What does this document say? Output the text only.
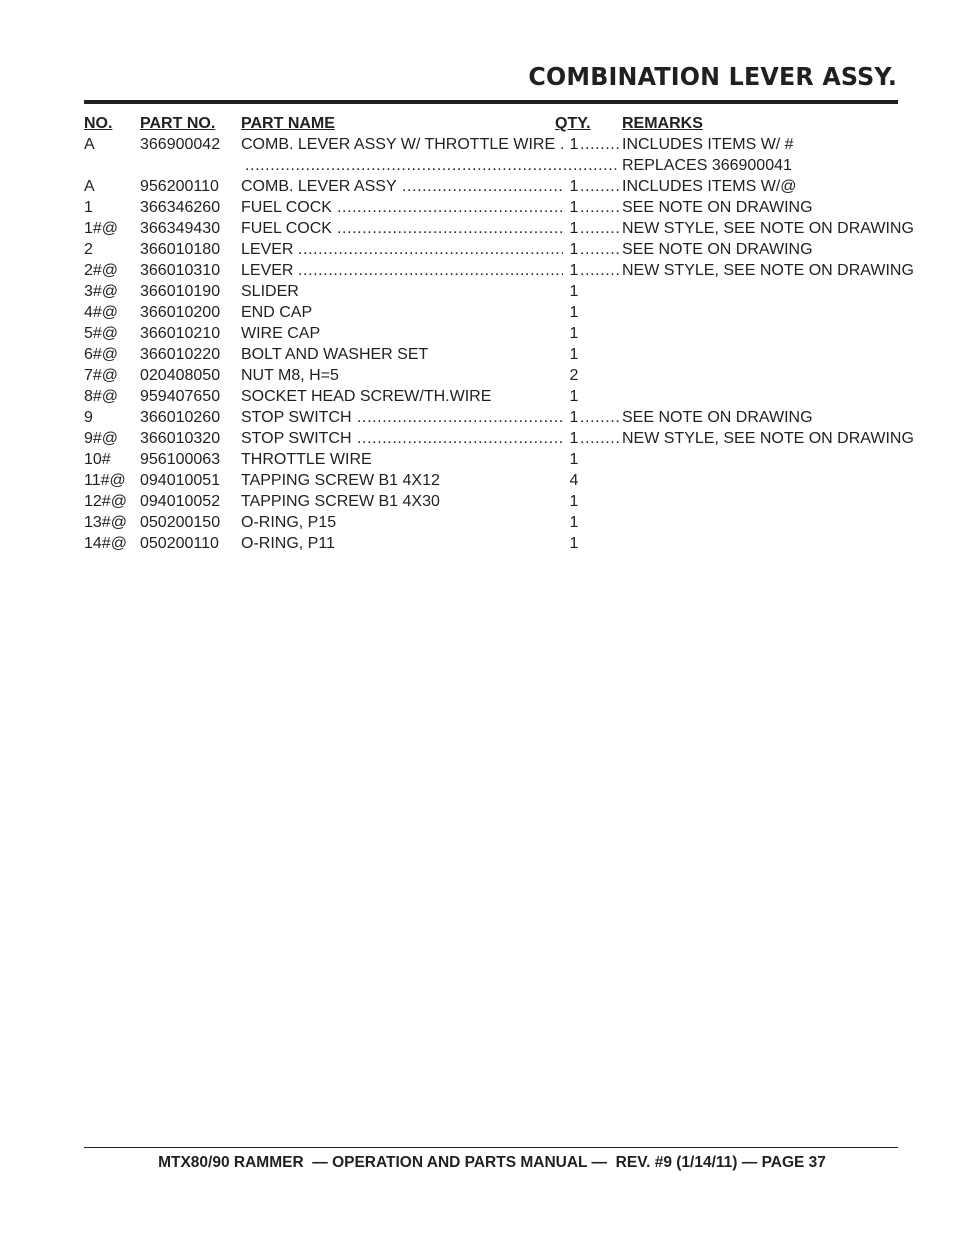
COMBINATION LEVER ASSY.
NO. PART NO. PART NAME	QTY. REMARKS
A	366900042 COMB. LEVER ASSY W/ THROTTLE WIRE 1	INCLUDES ITEMS W/ #
.....
.....
REPLACES 366900041
.....
A	956200110 COMB. LEVER ASSY	1	INCLUDES ITEMS W/@
.....
.....
1	366346260 FUEL COCK	1	SEE NOTE ON DRAWING
.....
.....
1#@ 366349430 FUEL COCK	1	NEW STYLE, SEE NOTE ON DRAWING
.....
.....
2	366010180 LEVER	1	SEE NOTE ON DRAWING
.....
.....
2#@ 366010310 LEVER	1	NEW STYLE, SEE NOTE ON DRAWING
.....
.....
3#@ 366010190 SLIDER	1
4#@ 366010200 END CAP	1
5#@ 366010210 WIRE CAP	1
6#@ 366010220 BOLT AND WASHER SET	1
7#@ 020408050 NUT M8, H=5	2
8#@ 959407650 SOCKET HEAD SCREW/TH.WIRE	1
9	366010260 STOP SWITCH	1	SEE NOTE ON DRAWING
.....
.....
9#@ 366010320 STOP SWITCH	1	NEW STYLE, SEE NOTE ON DRAWING
.....
.....
10# 956100063 THROTTLE WIRE	1
11#@ 094010051 TAPPING SCREW B1 4X12	4
12#@ 094010052 TAPPING SCREW B1 4X30	1
13#@ 050200150 O-RING, P15	1
14#@ 050200110 O-RING, P11	1
MTX80/90 RAMMER  — OPERATION AND PARTS MANUAL —  REV. #9 (1/14/11) — PAGE 37
